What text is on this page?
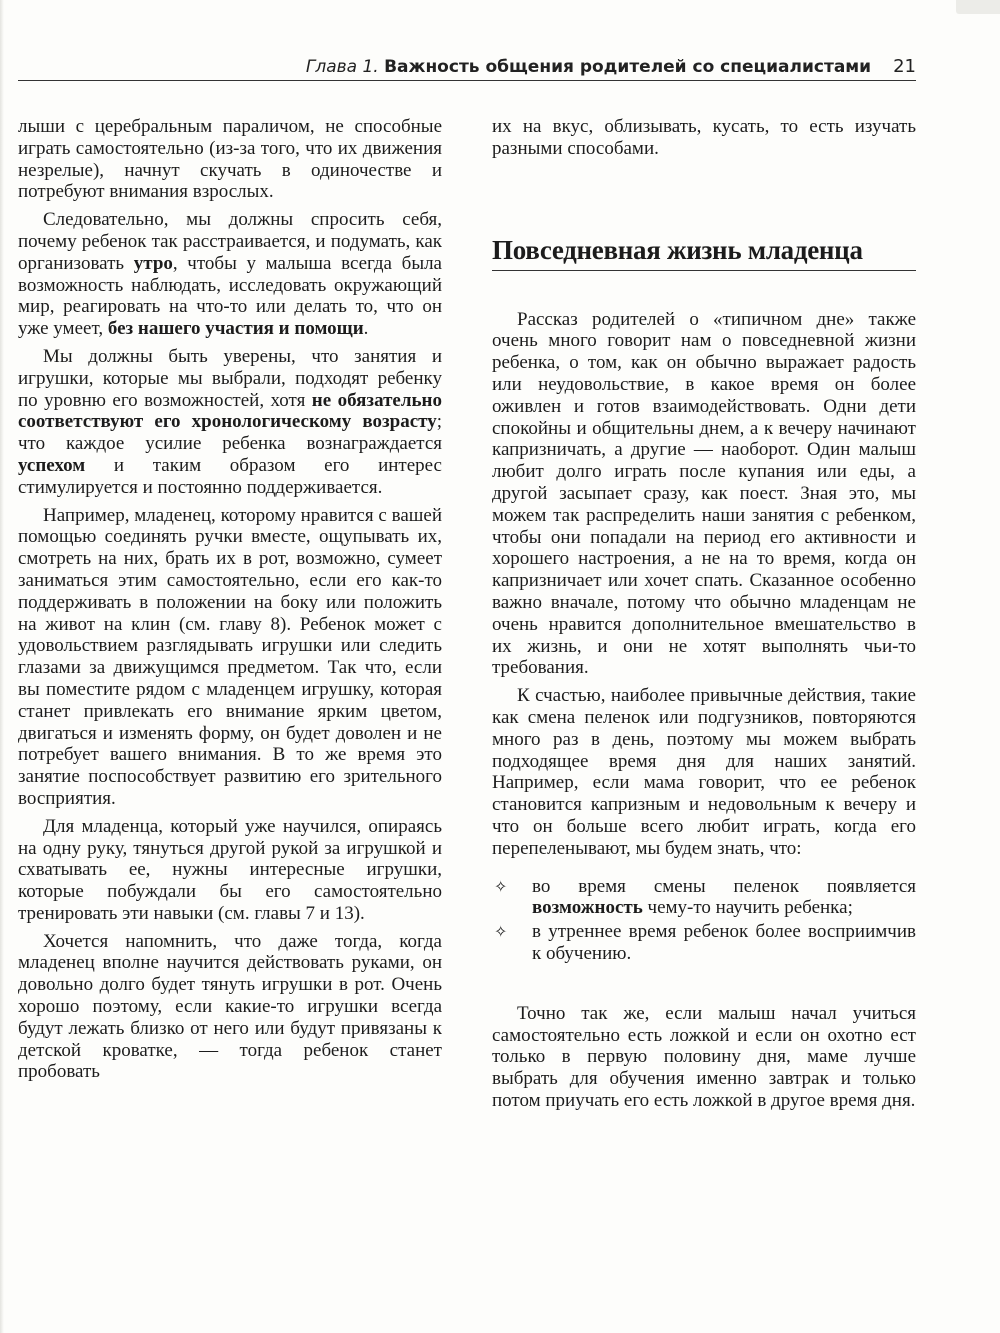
Глава 1.
Важность общения родителей со специалистами 21

лыши с церебральным параличом, не способные играть самостоятельно (из-за того, что их движения незрелые), начнут скучать в одиночестве и потребуют внимания взрослых.

Следовательно, мы должны спросить себя, почему ребенок так расстраивается, и подумать, как организовать утро, чтобы у малыша всегда была возможность наблюдать, исследовать окружающий мир, реагировать на что-то или делать то, что он уже умеет, без нашего участия и помощи.

Мы должны быть уверены, что занятия и игрушки, которые мы выбрали, подходят ребенку по уровню его возможностей, хотя не обязательно соответствуют его хронологическому возрасту; что каждое усилие ребенка вознаграждается успехом и таким образом его интерес стимулируется и постоянно поддерживается.

Например, младенец, которому нравится с вашей помощью соединять ручки вместе, ощупывать их, смотреть на них, брать их в рот, возможно, сумеет заниматься этим самостоятельно, если его как-то поддерживать в положении на боку или положить на живот на клин (см. главу 8). Ребенок может с удовольствием разглядывать игрушки или следить глазами за движущимся предметом. Так что, если вы поместите рядом с младенцем игрушку, которая станет привлекать его внимание ярким цветом, двигаться и изменять форму, он будет доволен и не потребует вашего внимания. В то же время это занятие поспособствует развитию его зрительного восприятия.

Для младенца, который уже научился, опираясь на одну руку, тянуться другой рукой за игрушкой и схватывать ее, нужны интересные игрушки, которые побуждали бы его самостоятельно тренировать эти навыки (см. главы 7 и 13).

Хочется напомнить, что даже тогда, когда младенец вполне научится действовать руками, он довольно долго будет тянуть игрушки в рот. Очень хорошо поэтому, если какие-то игрушки всегда будут лежать близко от него или будут привязаны к детской кроватке, — тогда ребенок станет пробовать

их на вкус, облизывать, кусать, то есть изучать разными способами.

Повседневная жизнь младенца

Рассказ родителей о «типичном дне» также очень много говорит нам о повседневной жизни ребенка, о том, как он обычно выражает радость или неудовольствие, в какое время он более оживлен и готов взаимодействовать. Одни дети спокойны и общительны днем, а к вечеру начинают капризничать, а другие — наоборот. Один малыш любит долго играть после купания или еды, а другой засыпает сразу, как поест. Зная это, мы можем так распределить наши занятия с ребенком, чтобы они попадали на период его активности и хорошего настроения, а не на то время, когда он капризничает или хочет спать. Сказанное особенно важно вначале, потому что обычно младенцам не очень нравится дополнительное вмешательство в их жизнь, и они не хотят выполнять чьи-то требования.

К счастью, наиболее привычные действия, такие как смена пеленок или подгузников, повторяются много раз в день, поэтому мы можем выбрать подходящее время дня для наших занятий. Например, если мама говорит, что ее ребенок становится капризным и недовольным к вечеру и что он больше всего любит играть, когда его перепеленывают, мы будем знать, что:

✧	во время смены пеленок появляется возможность чему-то научить ребенка;
✧	в утреннее время ребенок более восприимчив к обучению.

Точно так же, если малыш начал учиться самостоятельно есть ложкой и если он охотно ест только в первую половину дня, маме лучше выбрать для обучения именно завтрак и только потом приучать его есть ложкой в другое время дня.
